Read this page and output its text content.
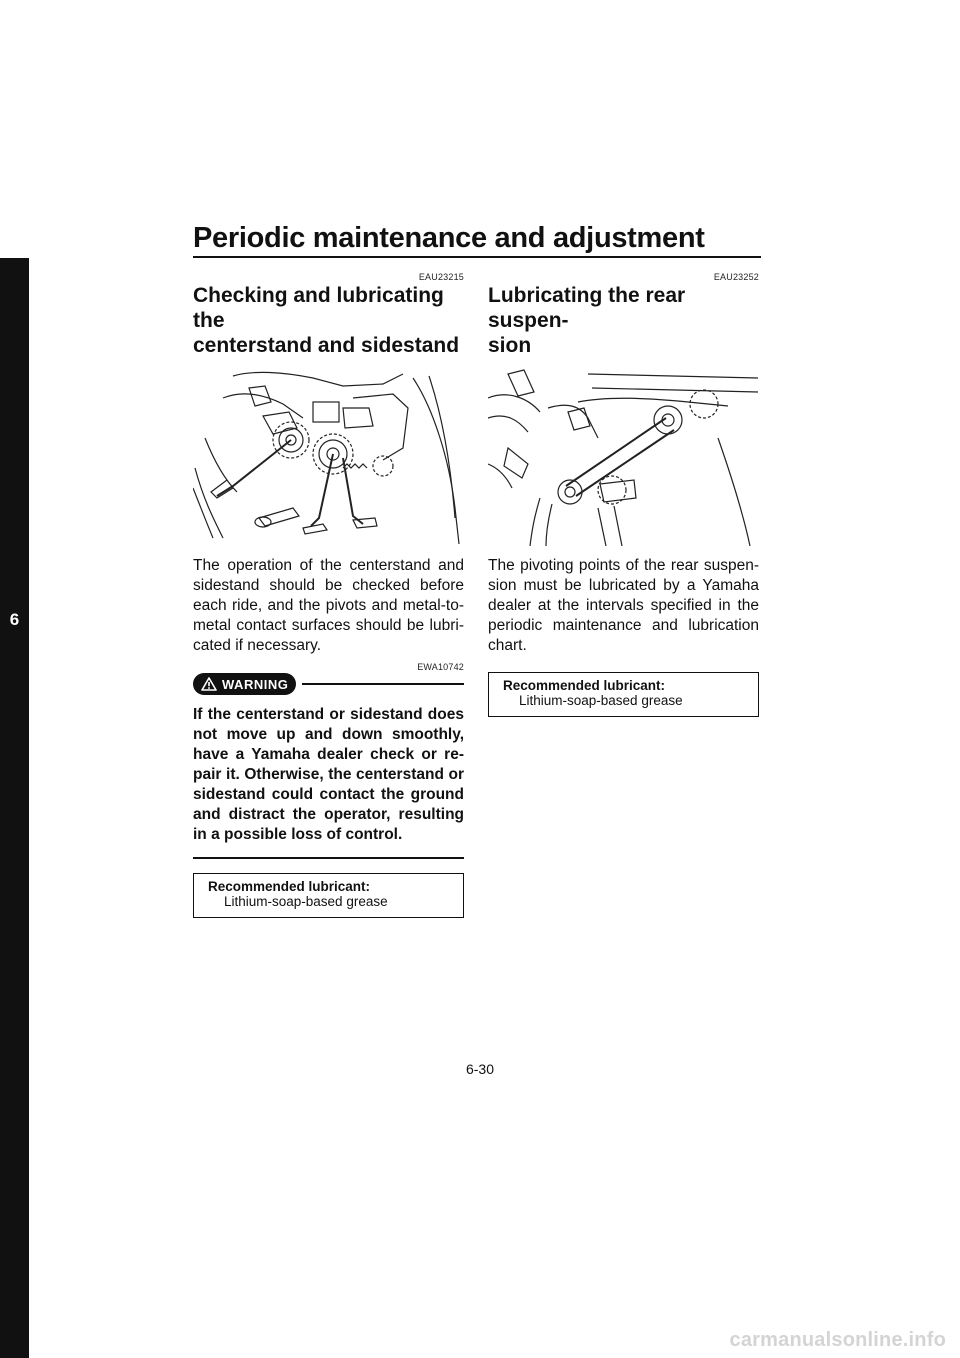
Periodic maintenance and adjustment
6
EAU23215
Checking and lubricating the
centerstand and sidestand
The operation of the centerstand and sidestand should be checked before each ride, and the pivots and metal-to-metal contact surfaces should be lubri-cated if necessary.
EWA10742
WARNING
If the centerstand or sidestand does not move up and down smoothly, have a Yamaha dealer check or re-pair it. Otherwise, the centerstand or sidestand could contact the ground and distract the operator, resulting in a possible loss of control.
Recommended lubricant:
Lithium-soap-based grease
EAU23252
Lubricating the rear suspen-
sion
The pivoting points of the rear suspen-sion must be lubricated by a Yamaha dealer at the intervals specified in the periodic maintenance and lubrication chart.
Recommended lubricant:
Lithium-soap-based grease
6-30
carmanualsonline.info
